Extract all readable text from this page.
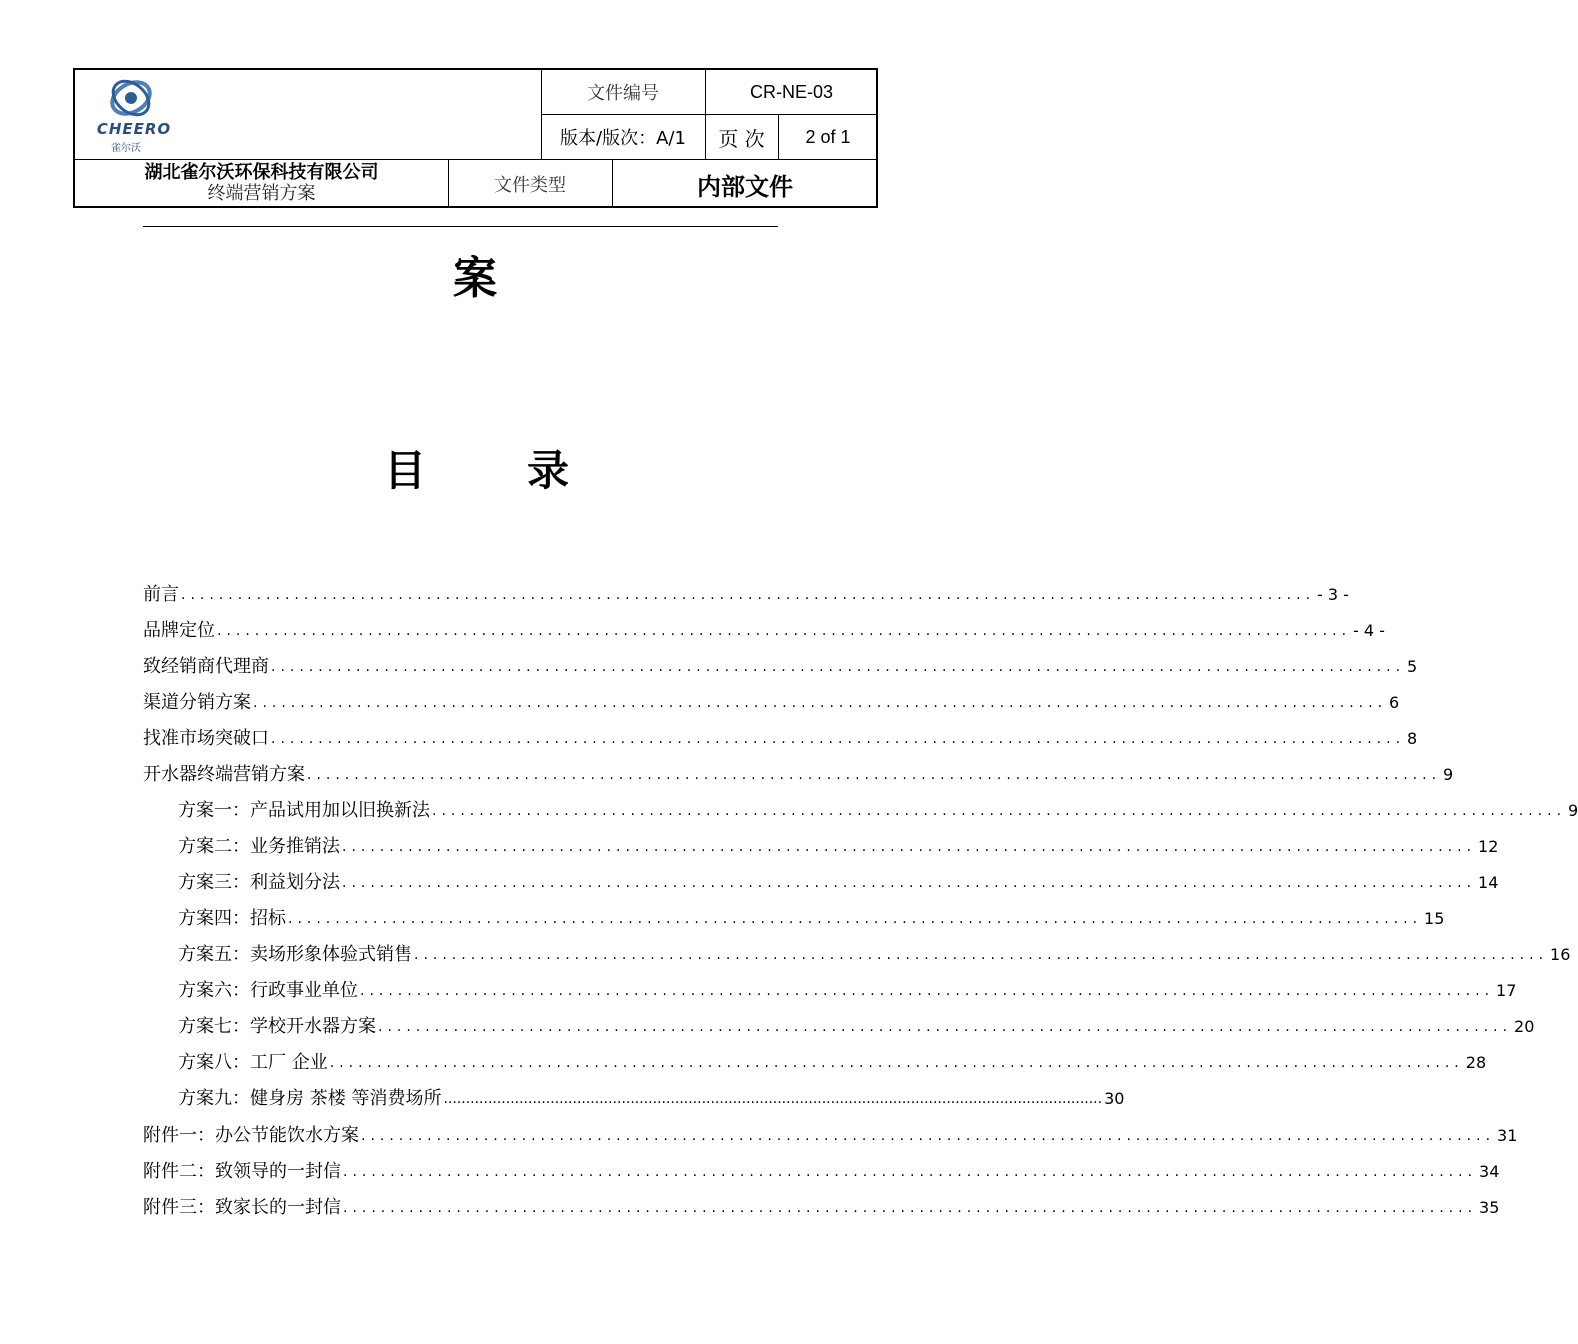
CHEERO
雀尔沃
文件编号	CR-NE-03
版本/版次：A/1	页 次	2 of 1
湖北雀尔沃环保科技有限公司
终端营销方案	文件类型	内部文件
案
目 录
前言 ........................................................................................................................ - 3 -
品牌定位 ........................................................................................................................ - 4 -
致经销商代理商 ........................................................................................................................ 5
渠道分销方案 ........................................................................................................................ 6
找准市场突破口 ........................................................................................................................ 8
开水器终端营销方案 ........................................................................................................................ 9
方案一：产品试用加以旧换新法 ........................................................................................................................ 9
方案二：业务推销法 ........................................................................................................................ 12
方案三：利益划分法 ........................................................................................................................ 14
方案四：招标 ........................................................................................................................ 15
方案五：卖场形象体验式销售 ........................................................................................................................ 16
方案六：行政事业单位 ........................................................................................................................ 17
方案七：学校开水器方案 ........................................................................................................................ 20
方案八：工厂 企业 ........................................................................................................................ 28
方案九：健身房 茶楼 等消费场所 .................................................................................................................................................... 30
附件一：办公节能饮水方案 ........................................................................................................................ 31
附件二：致领导的一封信 ........................................................................................................................ 34
附件三：致家长的一封信 ........................................................................................................................ 35
